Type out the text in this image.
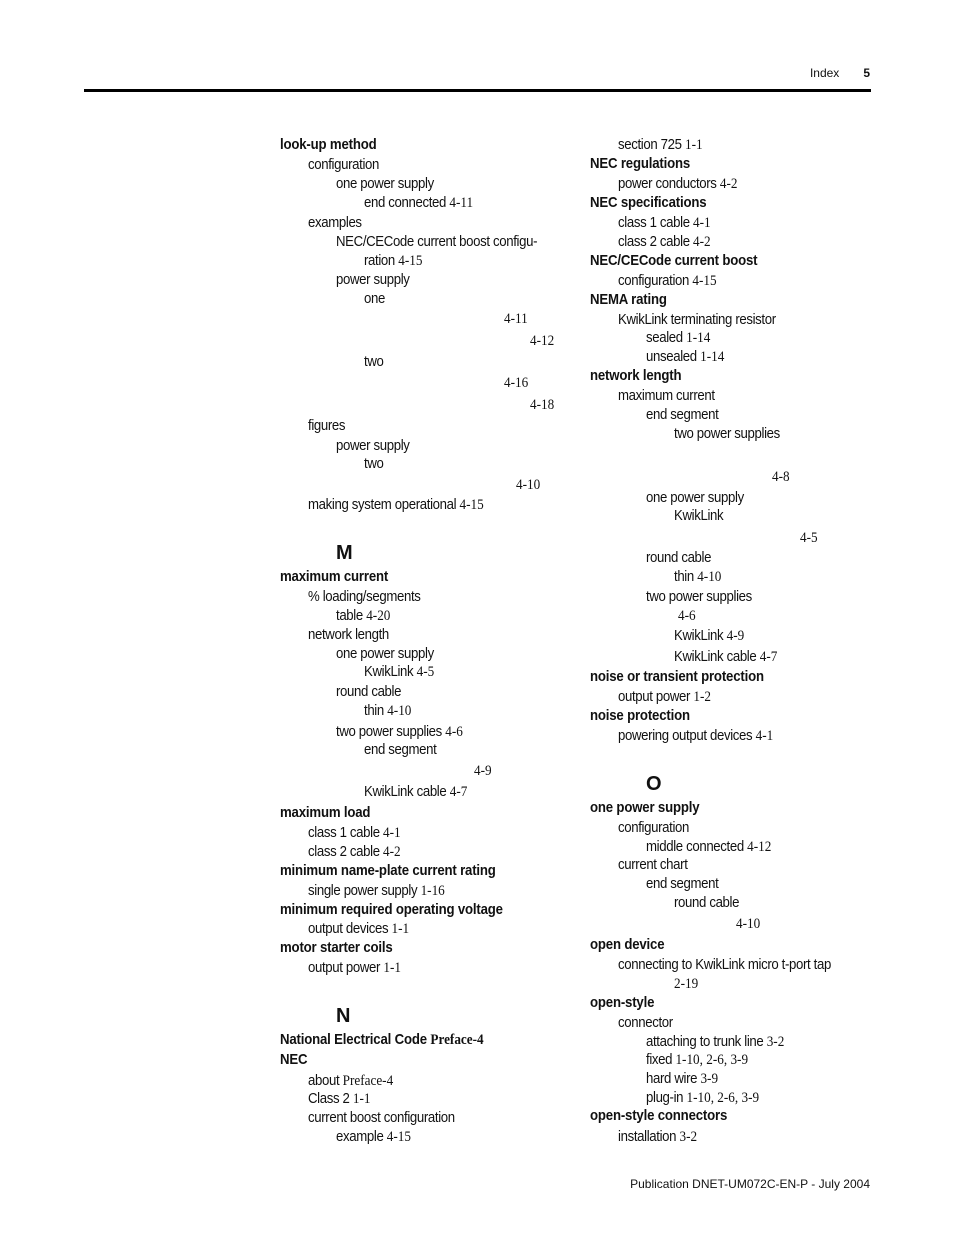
Index 5
look-up method
configuration
one power supply
end connected 4-11
examples
NEC/CECode current boost configu-
ration 4-15
power supply
one
4-11
4-12
two
4-16
4-18
figures
power supply
two
4-10
making system operational 4-15
M
maximum current
% loading/segments
table 4-20
network length
one power supply
KwikLink 4-5
round cable
thin 4-10
two power supplies 4-6
end segment
4-9
KwikLink cable 4-7
maximum load
class 1 cable 4-1
class 2 cable 4-2
minimum name-plate current rating
single power supply 1-16
minimum required operating voltage
output devices 1-1
motor starter coils
output power 1-1
N
National Electrical Code Preface-4
NEC
about Preface-4
Class 2 1-1
current boost configuration
example 4-15
section 725 1-1
NEC regulations
power conductors 4-2
NEC specifications
class 1 cable 4-1
class 2 cable 4-2
NEC/CECode current boost
configuration 4-15
NEMA rating
KwikLink terminating resistor
sealed 1-14
unsealed 1-14
network length
maximum current
end segment
two power supplies
4-8
one power supply
KwikLink
4-5
round cable
thin 4-10
two power supplies
4-6
KwikLink 4-9
KwikLink cable 4-7
noise or transient protection
output power 1-2
noise protection
powering output devices 4-1
O
one power supply
configuration
middle connected 4-12
current chart
end segment
round cable
4-10
open device
connecting to KwikLink micro t-port tap
2-19
open-style
connector
attaching to trunk line 3-2
fixed 1-10, 2-6, 3-9
hard wire 3-9
plug-in 1-10, 2-6, 3-9
open-style connectors
installation 3-2
Publication DNET-UM072C-EN-P - July 2004
